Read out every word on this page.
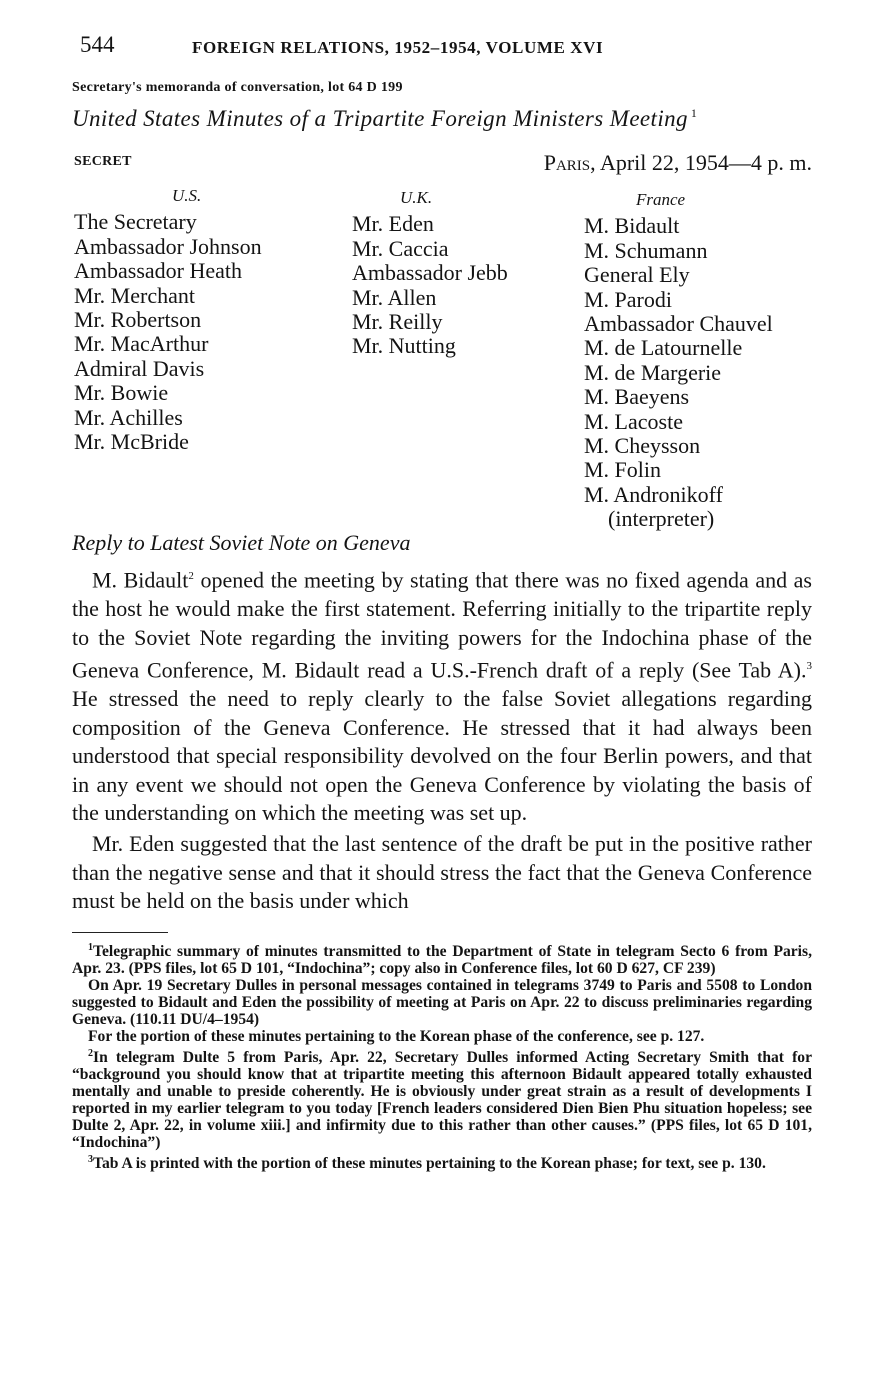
544	FOREIGN RELATIONS, 1952–1954, VOLUME XVI
Secretary's memoranda of conversation, lot 64 D 199
United States Minutes of a Tripartite Foreign Ministers Meeting $^1$
SECRET	Paris, April 22, 1954—4 p. m.
U.S.
The Secretary
Ambassador Johnson
Ambassador Heath
Mr. Merchant
Mr. Robertson
Mr. MacArthur
Admiral Davis
Mr. Bowie
Mr. Achilles
Mr. McBride
U.K.
Mr. Eden
Mr. Caccia
Ambassador Jebb
Mr. Allen
Mr. Reilly
Mr. Nutting
France
M. Bidault
M. Schumann
General Ely
M. Parodi
Ambassador Chauvel
M. de Latournelle
M. de Margerie
M. Baeyens
M. Lacoste
M. Cheysson
M. Folin
M. Andronikoff
(interpreter)
Reply to Latest Soviet Note on Geneva

M. Bidault$^2$ opened the meeting by stating that there was no fixed agenda and as the host he would make the first statement. Referring initially to the tripartite reply to the Soviet Note regarding the inviting powers for the Indochina phase of the Geneva Conference, M. Bidault read a U.S.-French draft of a reply (See Tab A).$^3$ He stressed the need to reply clearly to the false Soviet allegations regarding composition of the Geneva Conference. He stressed that it had always been understood that special responsibility devolved on the four Berlin powers, and that in any event we should not open the Geneva Conference by violating the basis of the understanding on which the meeting was set up.

Mr. Eden suggested that the last sentence of the draft be put in the positive rather than the negative sense and that it should stress the fact that the Geneva Conference must be held on the basis under which

$^1$Telegraphic summary of minutes transmitted to the Department of State in telegram Secto 6 from Paris, Apr. 23. (PPS files, lot 65 D 101, “Indochina”; copy also in Conference files, lot 60 D 627, CF 239)

On Apr. 19 Secretary Dulles in personal messages contained in telegrams 3749 to Paris and 5508 to London suggested to Bidault and Eden the possibility of meeting at Paris on Apr. 22 to discuss preliminaries regarding Geneva. (110.11 DU/4–1954)

For the portion of these minutes pertaining to the Korean phase of the conference, see p. 127.

$^2$In telegram Dulte 5 from Paris, Apr. 22, Secretary Dulles informed Acting Secretary Smith that for “background you should know that at tripartite meeting this afternoon Bidault appeared totally exhausted mentally and unable to preside coherently. He is obviously under great strain as a result of developments I reported in my earlier telegram to you today [French leaders considered Dien Bien Phu situation hopeless; see Dulte 2, Apr. 22, in volume xiii.] and infirmity due to this rather than other causes.” (PPS files, lot 65 D 101, “Indochina”)

$^3$Tab A is printed with the portion of these minutes pertaining to the Korean phase; for text, see p. 130.
